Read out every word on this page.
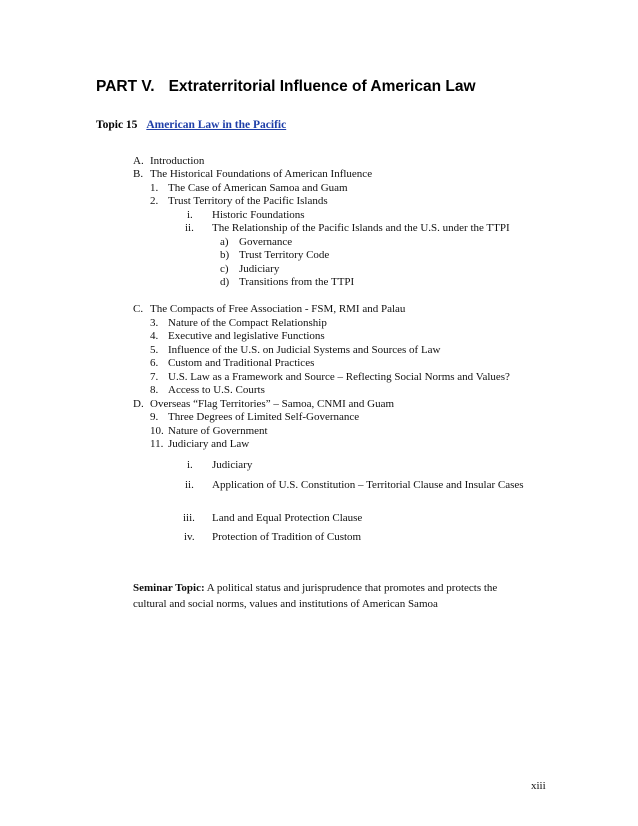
PART V. Extraterritorial Influence of American Law
Topic 15 American Law in the Pacific
A. Introduction
B. The Historical Foundations of American Influence
1. The Case of American Samoa and Guam
2. Trust Territory of the Pacific Islands
i. Historic Foundations
ii. The Relationship of the Pacific Islands and the U.S. under the TTPI
a) Governance
b) Trust Territory Code
c) Judiciary
d) Transitions from the TTPI
C. The Compacts of Free Association - FSM, RMI and Palau
3. Nature of the Compact Relationship
4. Executive and legislative Functions
5. Influence of the U.S. on Judicial Systems and Sources of Law
6. Custom and Traditional Practices
7. U.S. Law as a Framework and Source – Reflecting Social Norms and Values?
8. Access to U.S. Courts
D. Overseas “Flag Territories” – Samoa, CNMI and Guam
9. Three Degrees of Limited Self-Governance
10. Nature of Government
11. Judiciary and Law
i. Judiciary
ii. Application of U.S. Constitution – Territorial Clause and Insular Cases
iii. Land and Equal Protection Clause
iv. Protection of Tradition of Custom
Seminar Topic: A political status and jurisprudence that promotes and protects the cultural and social norms, values and institutions of American Samoa
xiii
